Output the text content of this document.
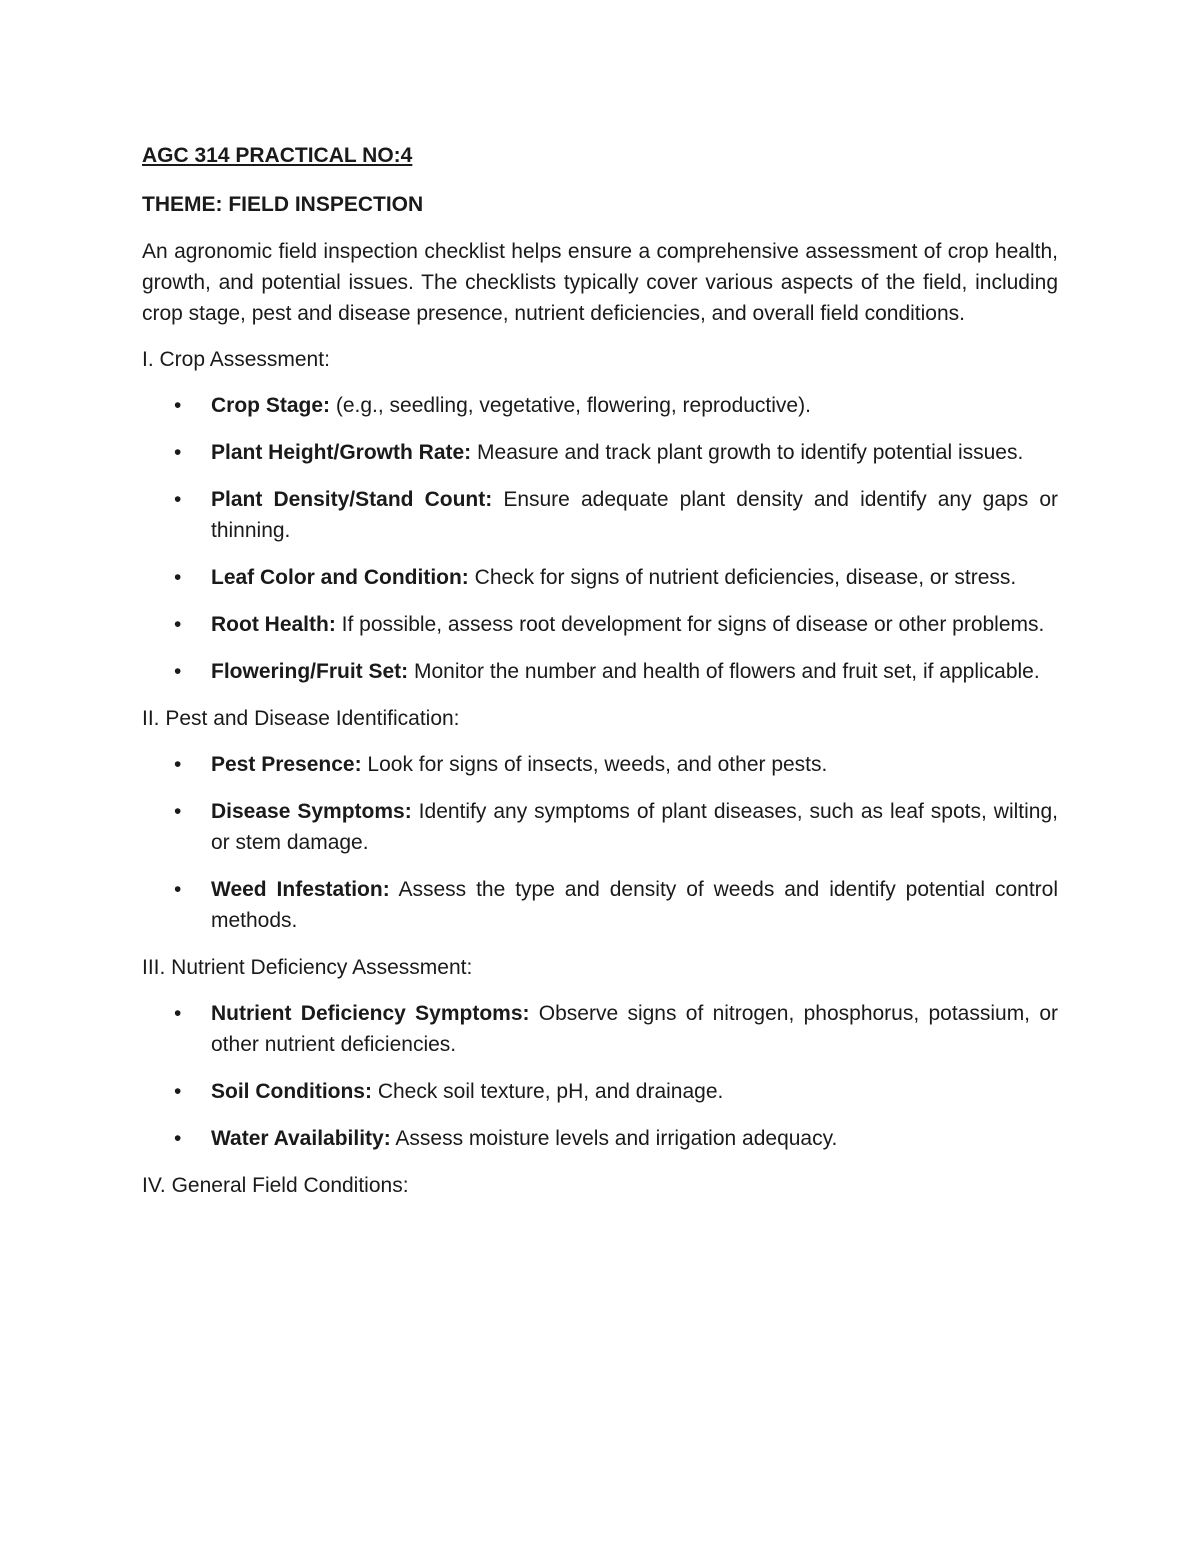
AGC 314 PRACTICAL NO:4

THEME: FIELD INSPECTION

An agronomic field inspection checklist helps ensure a comprehensive assessment of crop health, growth, and potential issues. The checklists typically cover various aspects of the field, including crop stage, pest and disease presence, nutrient deficiencies, and overall field conditions.

I. Crop Assessment:

• Crop Stage: (e.g., seedling, vegetative, flowering, reproductive).
• Plant Height/Growth Rate: Measure and track plant growth to identify potential issues.
• Plant Density/Stand Count: Ensure adequate plant density and identify any gaps or thinning.
• Leaf Color and Condition: Check for signs of nutrient deficiencies, disease, or stress.
• Root Health: If possible, assess root development for signs of disease or other problems.
• Flowering/Fruit Set: Monitor the number and health of flowers and fruit set, if applicable.

II. Pest and Disease Identification:

• Pest Presence: Look for signs of insects, weeds, and other pests.
• Disease Symptoms: Identify any symptoms of plant diseases, such as leaf spots, wilting, or stem damage.
• Weed Infestation: Assess the type and density of weeds and identify potential control methods.

III. Nutrient Deficiency Assessment:

• Nutrient Deficiency Symptoms: Observe signs of nitrogen, phosphorus, potassium, or other nutrient deficiencies.
• Soil Conditions: Check soil texture, pH, and drainage.
• Water Availability: Assess moisture levels and irrigation adequacy.

IV. General Field Conditions:
